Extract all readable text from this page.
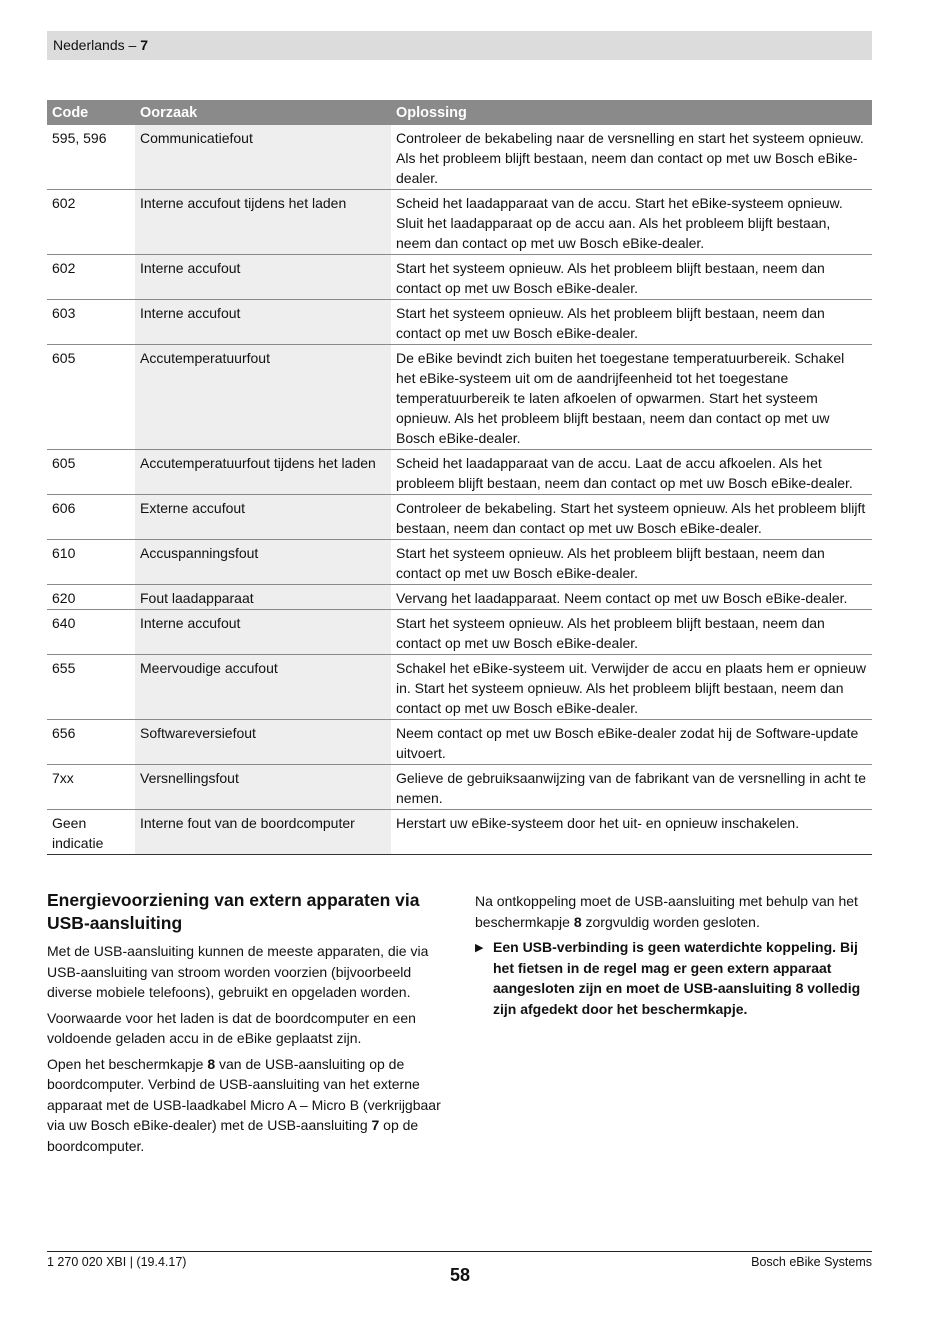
Nederlands – 7
Code	Oorzaak	Oplossing
595, 596	Communicatiefout	Controleer de bekabeling naar de versnelling en start het systeem opnieuw. Als het probleem blijft bestaan, neem dan contact op met uw Bosch eBike-dealer.
602	Interne accufout tijdens het laden	Scheid het laadapparaat van de accu. Start het eBike-systeem opnieuw. Sluit het laadapparaat op de accu aan. Als het probleem blijft bestaan, neem dan contact op met uw Bosch eBike-dealer.
602	Interne accufout	Start het systeem opnieuw. Als het probleem blijft bestaan, neem dan contact op met uw Bosch eBike-dealer.
603	Interne accufout	Start het systeem opnieuw. Als het probleem blijft bestaan, neem dan contact op met uw Bosch eBike-dealer.
605	Accutemperatuurfout	De eBike bevindt zich buiten het toegestane temperatuurbereik. Schakel het eBike-systeem uit om de aandrijfeenheid tot het toegestane temperatuurbereik te laten afkoelen of opwarmen. Start het systeem opnieuw. Als het probleem blijft bestaan, neem dan contact op met uw Bosch eBike-dealer.
605	Accutemperatuurfout tijdens het laden	Scheid het laadapparaat van de accu. Laat de accu afkoelen. Als het probleem blijft bestaan, neem dan contact op met uw Bosch eBike-dealer.
606	Externe accufout	Controleer de bekabeling. Start het systeem opnieuw. Als het probleem blijft bestaan, neem dan contact op met uw Bosch eBike-dealer.
610	Accuspanningsfout	Start het systeem opnieuw. Als het probleem blijft bestaan, neem dan contact op met uw Bosch eBike-dealer.
620	Fout laadapparaat	Vervang het laadapparaat. Neem contact op met uw Bosch eBike-dealer.
640	Interne accufout	Start het systeem opnieuw. Als het probleem blijft bestaan, neem dan contact op met uw Bosch eBike-dealer.
655	Meervoudige accufout	Schakel het eBike-systeem uit. Verwijder de accu en plaats hem er opnieuw in. Start het systeem opnieuw. Als het probleem blijft bestaan, neem dan contact op met uw Bosch eBike-dealer.
656	Softwareversiefout	Neem contact op met uw Bosch eBike-dealer zodat hij de Software-update uitvoert.
7xx	Versnellingsfout	Gelieve de gebruiksaanwijzing van de fabrikant van de versnelling in acht te nemen.
Geen indicatie	Interne fout van de boordcomputer	Herstart uw eBike-systeem door het uit- en opnieuw inschakelen.
Energievoorziening van extern apparaten via USB-aansluiting

Met de USB-aansluiting kunnen de meeste apparaten, die via USB-aansluiting van stroom worden voorzien (bijvoorbeeld diverse mobiele telefoons), gebruikt en opgeladen worden.

Voorwaarde voor het laden is dat de boordcomputer en een voldoende geladen accu in de eBike geplaatst zijn.

Open het beschermkapje 8 van de USB-aansluiting op de boordcomputer. Verbind de USB-aansluiting van het externe apparaat met de USB-laadkabel Micro A – Micro B (verkrijgbaar via uw Bosch eBike-dealer) met de USB-aansluiting 7 op de boordcomputer.

Na ontkoppeling moet de USB-aansluiting met behulp van het beschermkapje 8 zorgvuldig worden gesloten.

▶ Een USB-verbinding is geen waterdichte koppeling. Bij het fietsen in de regel mag er geen extern apparaat aangesloten zijn en moet de USB-aansluiting 8 volledig zijn afgedekt door het beschermkapje.
1 270 020 XBI | (19.4.17)
58
Bosch eBike Systems
